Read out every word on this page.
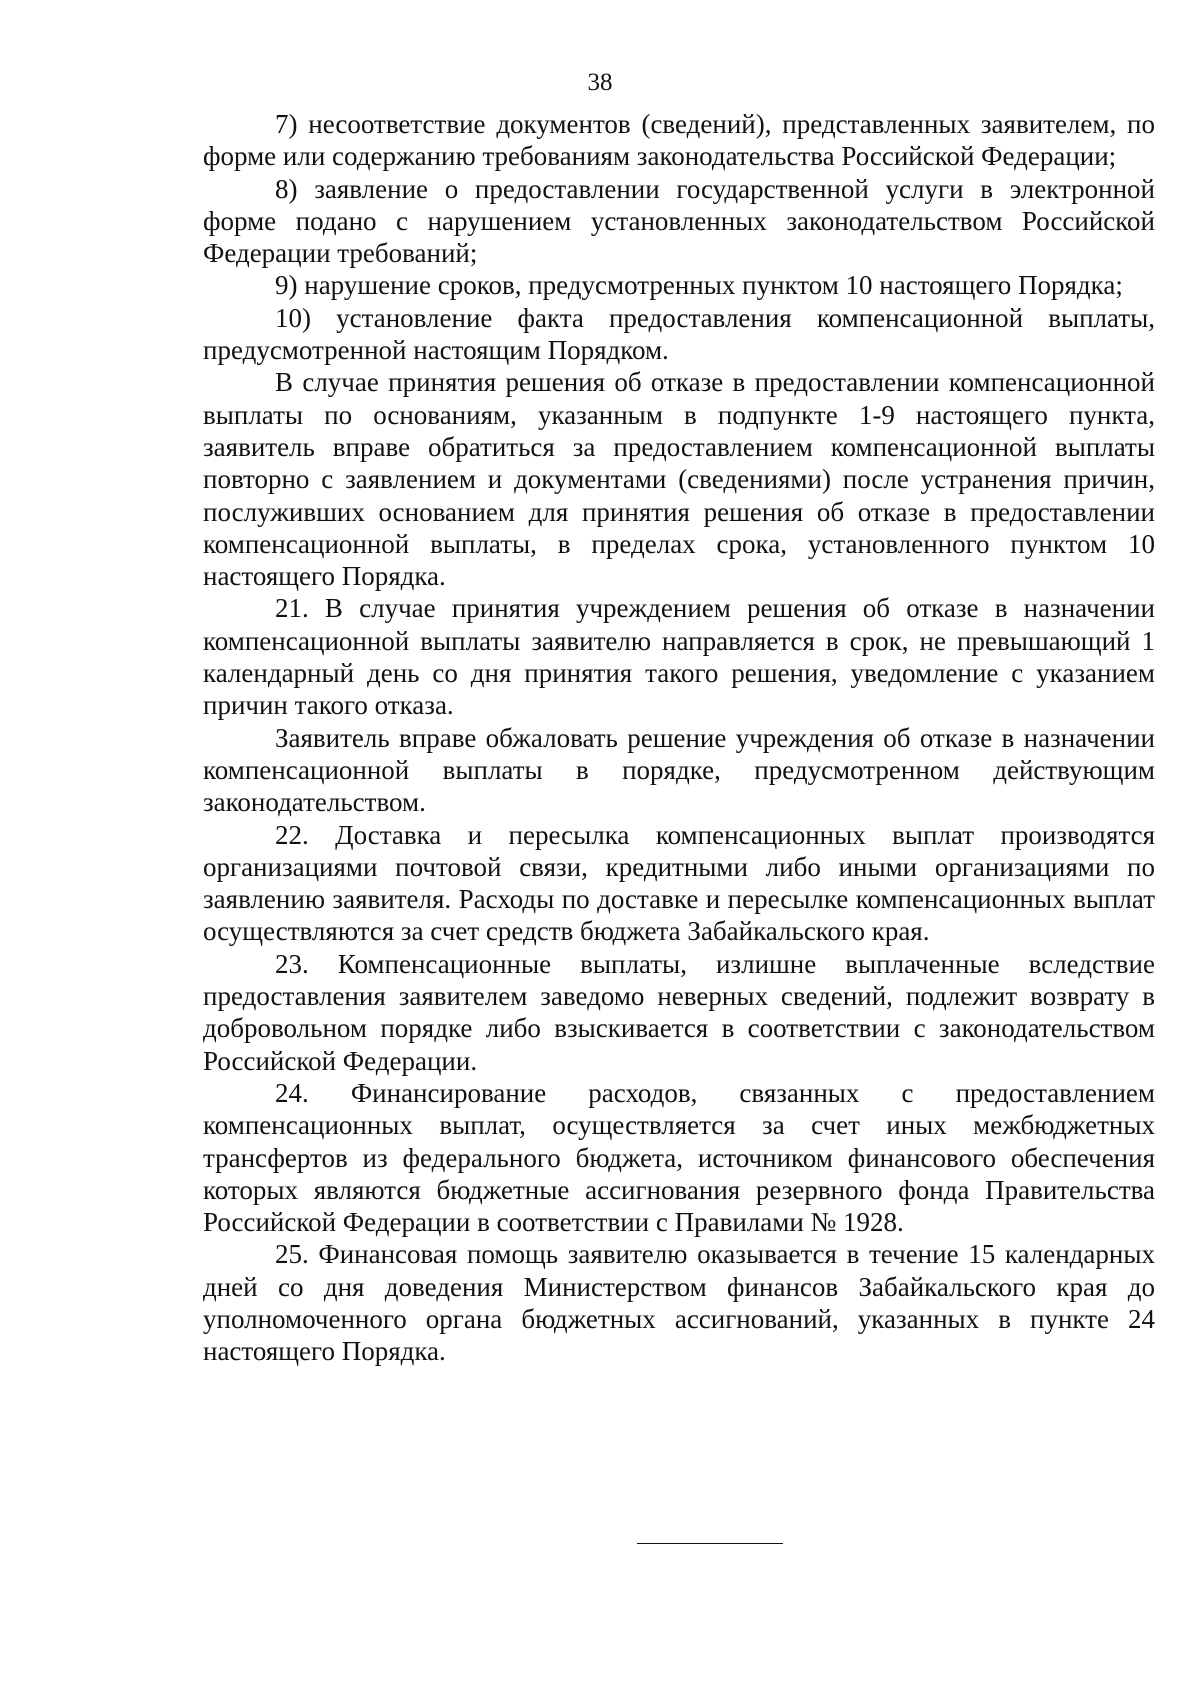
38

7) несоответствие документов (сведений), представленных заявителем, по форме или содержанию требованиям законодательства Российской Федерации;

8) заявление о предоставлении государственной услуги в электронной форме подано с нарушением установленных законодательством Российской Федерации требований;

9) нарушение сроков, предусмотренных пунктом 10 настоящего Порядка;

10) установление факта предоставления компенсационной выплаты, предусмотренной настоящим Порядком.

В случае принятия решения об отказе в предоставлении компенсационной выплаты по основаниям, указанным в подпункте 1-9 настоящего пункта, заявитель вправе обратиться за предоставлением компенсационной выплаты повторно с заявлением и документами (сведениями) после устранения причин, послуживших основанием для принятия решения об отказе в предоставлении компенсационной выплаты, в пределах срока, установленного пунктом 10 настоящего Порядка.

21. В случае принятия учреждением решения об отказе в назначении компенсационной выплаты заявителю направляется в срок, не превышающий 1 календарный день со дня принятия такого решения, уведомление с указанием причин такого отказа.

Заявитель вправе обжаловать решение учреждения об отказе в назначении компенсационной выплаты в порядке, предусмотренном действующим законодательством.

22. Доставка и пересылка компенсационных выплат производятся организациями почтовой связи, кредитными либо иными организациями по заявлению заявителя. Расходы по доставке и пересылке компенсационных выплат осуществляются за счет средств бюджета Забайкальского края.

23. Компенсационные выплаты, излишне выплаченные вследствие предоставления заявителем заведомо неверных сведений, подлежит возврату в добровольном порядке либо взыскивается в соответствии с законодательством Российской Федерации.

24. Финансирование расходов, связанных с предоставлением компенсационных выплат, осуществляется за счет иных межбюджетных трансфертов из федерального бюджета, источником финансового обеспечения которых являются бюджетные ассигнования резервного фонда Правительства Российской Федерации в соответствии с Правилами № 1928.

25. Финансовая помощь заявителю оказывается в течение 15 календарных дней со дня доведения Министерством финансов Забайкальского края до уполномоченного органа бюджетных ассигнований, указанных в пункте 24 настоящего Порядка.
